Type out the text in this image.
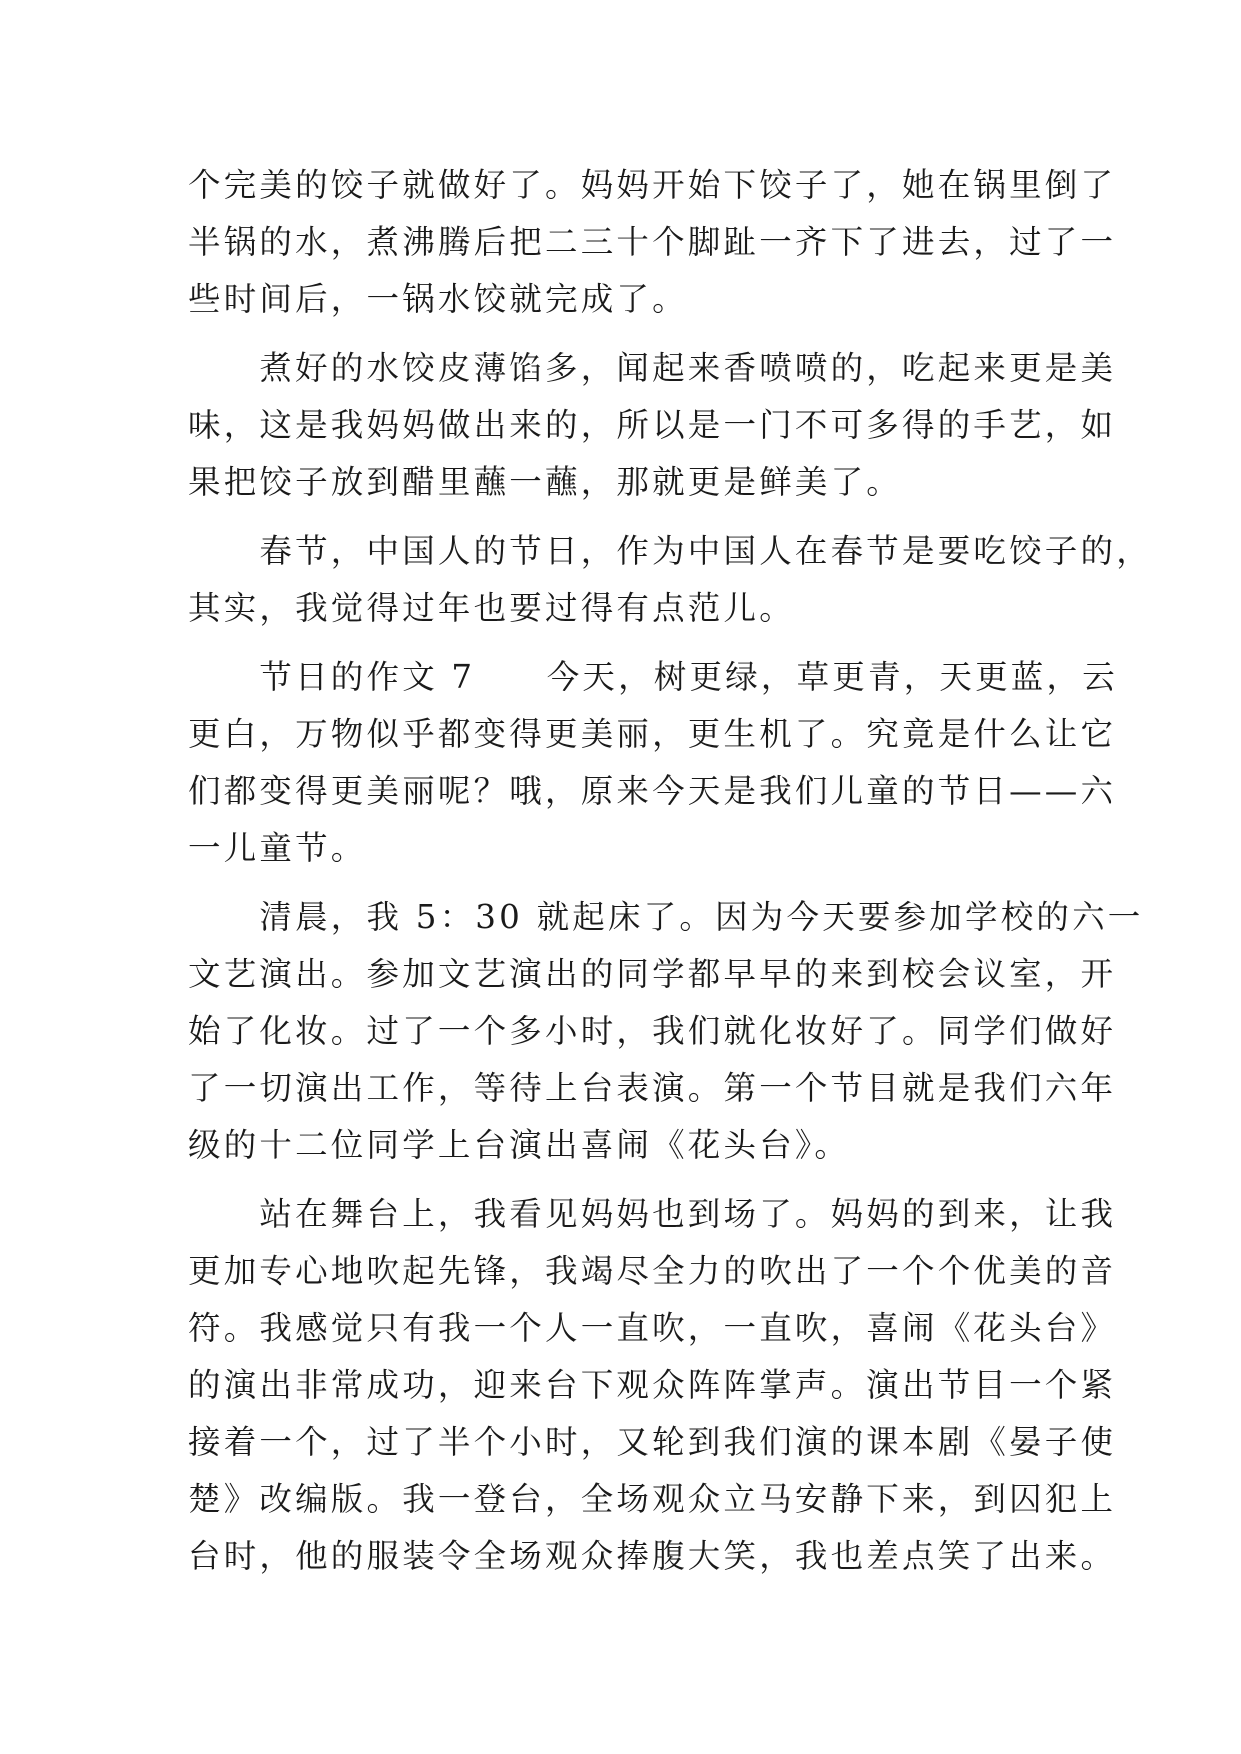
个完美的饺子就做好了。妈妈开始下饺子了，她在锅里倒了
半锅的水，煮沸腾后把二三十个脚趾一齐下了进去，过了一
些时间后，一锅水饺就完成了。

　　煮好的水饺皮薄馅多，闻起来香喷喷的，吃起来更是美
味，这是我妈妈做出来的，所以是一门不可多得的手艺，如
果把饺子放到醋里蘸一蘸，那就更是鲜美了。

　　春节，中国人的节日，作为中国人在春节是要吃饺子的，
其实，我觉得过年也要过得有点范儿。

　　节日的作文 7　　今天，树更绿，草更青，天更蓝，云
更白，万物似乎都变得更美丽，更生机了。究竟是什么让它
们都变得更美丽呢？哦，原来今天是我们儿童的节日——六
一儿童节。

　　清晨，我 5：30 就起床了。因为今天要参加学校的六一
文艺演出。参加文艺演出的同学都早早的来到校会议室，开
始了化妆。过了一个多小时，我们就化妆好了。同学们做好
了一切演出工作，等待上台表演。第一个节目就是我们六年
级的十二位同学上台演出喜闹《花头台》。

　　站在舞台上，我看见妈妈也到场了。妈妈的到来，让我
更加专心地吹起先锋，我竭尽全力的吹出了一个个优美的音
符。我感觉只有我一个人一直吹，一直吹，喜闹《花头台》
的演出非常成功，迎来台下观众阵阵掌声。演出节目一个紧
接着一个，过了半个小时，又轮到我们演的课本剧《晏子使
楚》改编版。我一登台，全场观众立马安静下来，到囚犯上
台时，他的服装令全场观众捧腹大笑，我也差点笑了出来。
